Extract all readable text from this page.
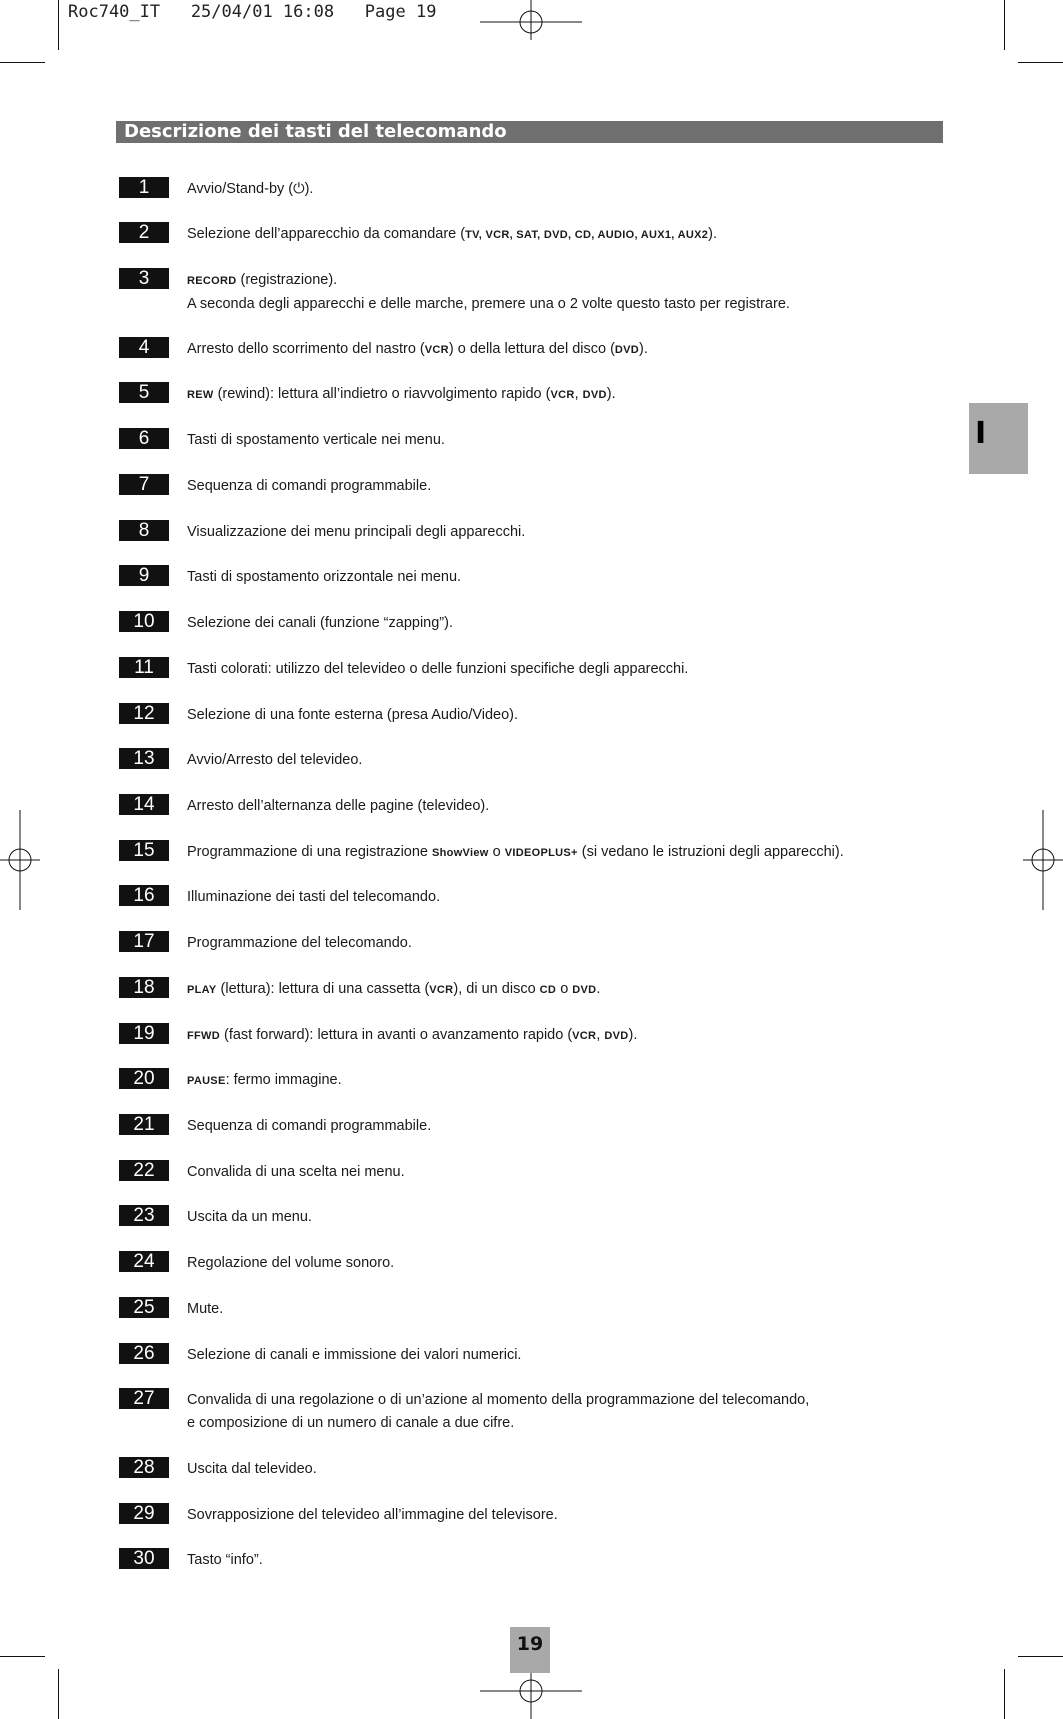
Roc740_IT   25/04/01 16:08   Page 19
Descrizione dei tasti del telecomando
I
1	Avvio/Stand-by (⏻).
2	Selezione dell’apparecchio da comandare (TV, VCR, SAT, DVD, CD, AUDIO, AUX1, AUX2).
3	RECORD (registrazione).
A seconda degli apparecchi e delle marche, premere una o 2 volte questo tasto per registrare.
4	Arresto dello scorrimento del nastro (VCR) o della lettura del disco (DVD).
5	REW (rewind): lettura all’indietro o riavvolgimento rapido (VCR, DVD).
6	Tasti di spostamento verticale nei menu.
7	Sequenza di comandi programmabile.
8	Visualizzazione dei menu principali degli apparecchi.
9	Tasti di spostamento orizzontale nei menu.
10	Selezione dei canali (funzione “zapping”).
11	Tasti colorati: utilizzo del televideo o delle funzioni specifiche degli apparecchi.
12	Selezione di una fonte esterna (presa Audio/Video).
13	Avvio/Arresto del televideo.
14	Arresto dell’alternanza delle pagine (televideo).
15	Programmazione di una registrazione ShowView o VIDEOPLUS+ (si vedano le istruzioni degli apparecchi).
16	Illuminazione dei tasti del telecomando.
17	Programmazione del telecomando.
18	PLAY (lettura): lettura di una cassetta (VCR), di un disco CD o DVD.
19	FFWD (fast forward): lettura in avanti o avanzamento rapido (VCR, DVD).
20	PAUSE: fermo immagine.
21	Sequenza di comandi programmabile.
22	Convalida di una scelta nei menu.
23	Uscita da un menu.
24	Regolazione del volume sonoro.
25	Mute.
26	Selezione di canali e immissione dei valori numerici.
27	Convalida di una regolazione o di un’azione al momento della programmazione del telecomando,
e composizione di un numero di canale a due cifre.
28	Uscita dal televideo.
29	Sovrapposizione del televideo all’immagine del televisore.
30	Tasto “info”.
19
